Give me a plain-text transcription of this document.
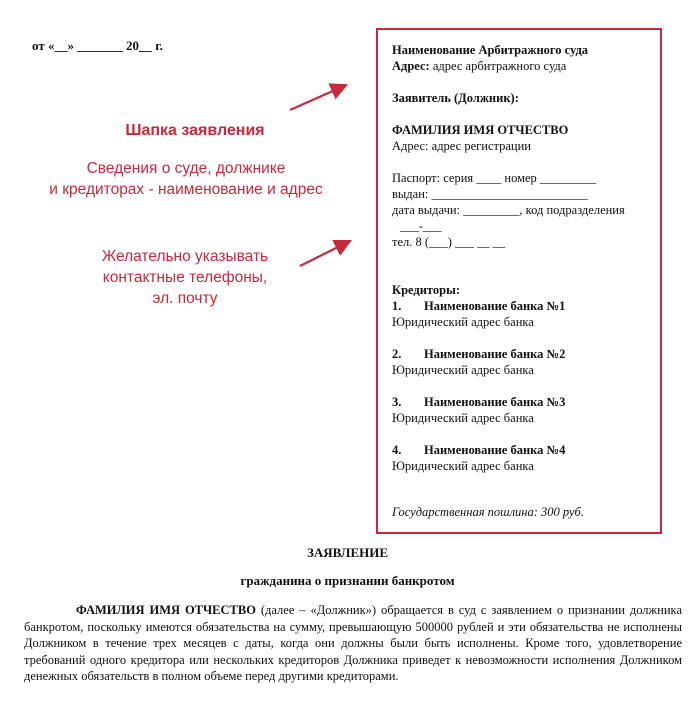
от «__» _______ 20__ г.	Наименование Арбитражного суда
Адрес: адрес арбитражного суда
Заявитель (Должник):
ФАМИЛИЯ ИМЯ ОТЧЕСТВО
Адрес: адрес регистрации
Паспорт: серия ____ номер _________
выдан: _________________________
дата выдачи: _________, код подразделения
___-___
тел. 8 (___) ___ __ __
Кредиторы:
1.	Наименование банка №1
Юридический адрес банка
2.	Наименование банка №2
Юридический адрес банка
3.	Наименование банка №3
Юридический адрес банка
4.	Наименование банка №4
Юридический адрес банка
Государственная пошлина: 300 руб.
Шапка заявления
Сведения о суде, должнике
и кредиторах - наименование и адрес
Желательно указывать
контактные телефоны,
эл. почту
ЗАЯВЛЕНИЕ
гражданина о признании банкротом
ФАМИЛИЯ ИМЯ ОТЧЕСТВО (далее – «Должник») обращается в суд с заявлением о признании должника банкротом, поскольку имеются обязательства на сумму, превышающую 500000 рублей и эти обязательства не исполнены Должником в течение трех месяцев с даты, когда они должны были быть исполнены. Кроме того, удовлетворение требований одного кредитора или нескольких кредиторов Должника приведет к невозможности исполнения Должником денежных обязательств в полном объеме перед другими кредиторами.
